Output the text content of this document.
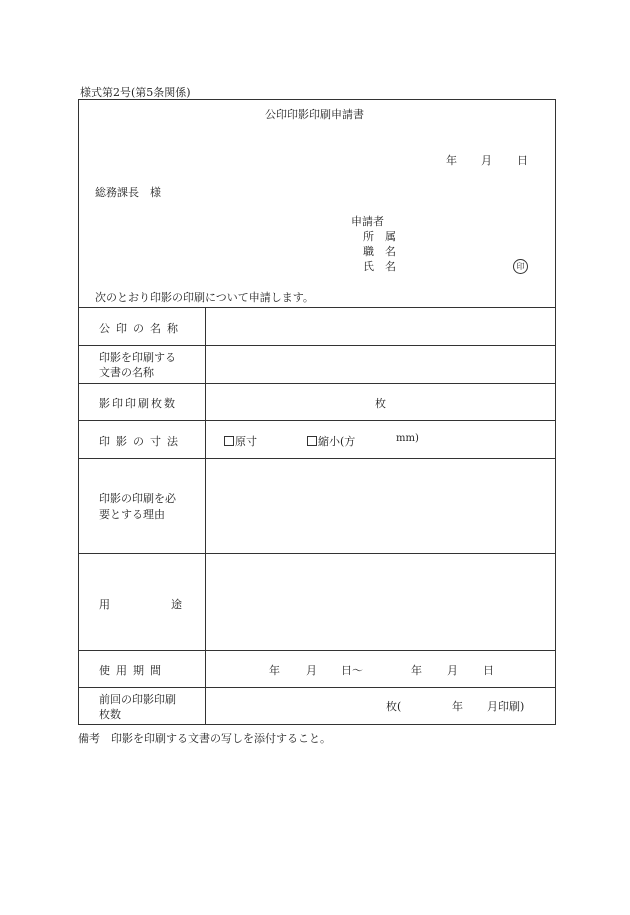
様式第2号(第5条関係)
公印印影印刷申請書
年 月 日
総務課長　様
申請者
所　属
職　名
氏　名	印
次のとおり印影の印刷について申請します。
公印の名称
印影を印刷する
文書の名称
影印印刷枚数	枚
印影の寸法	原寸	縮小(方	mm)
印影の印刷を必
要とする理由
用	途
使用期間	年 月 日〜	年 月 日
前回の印影印刷
枚数
枚(	年 月印刷)
備考　印影を印刷する文書の写しを添付すること。
